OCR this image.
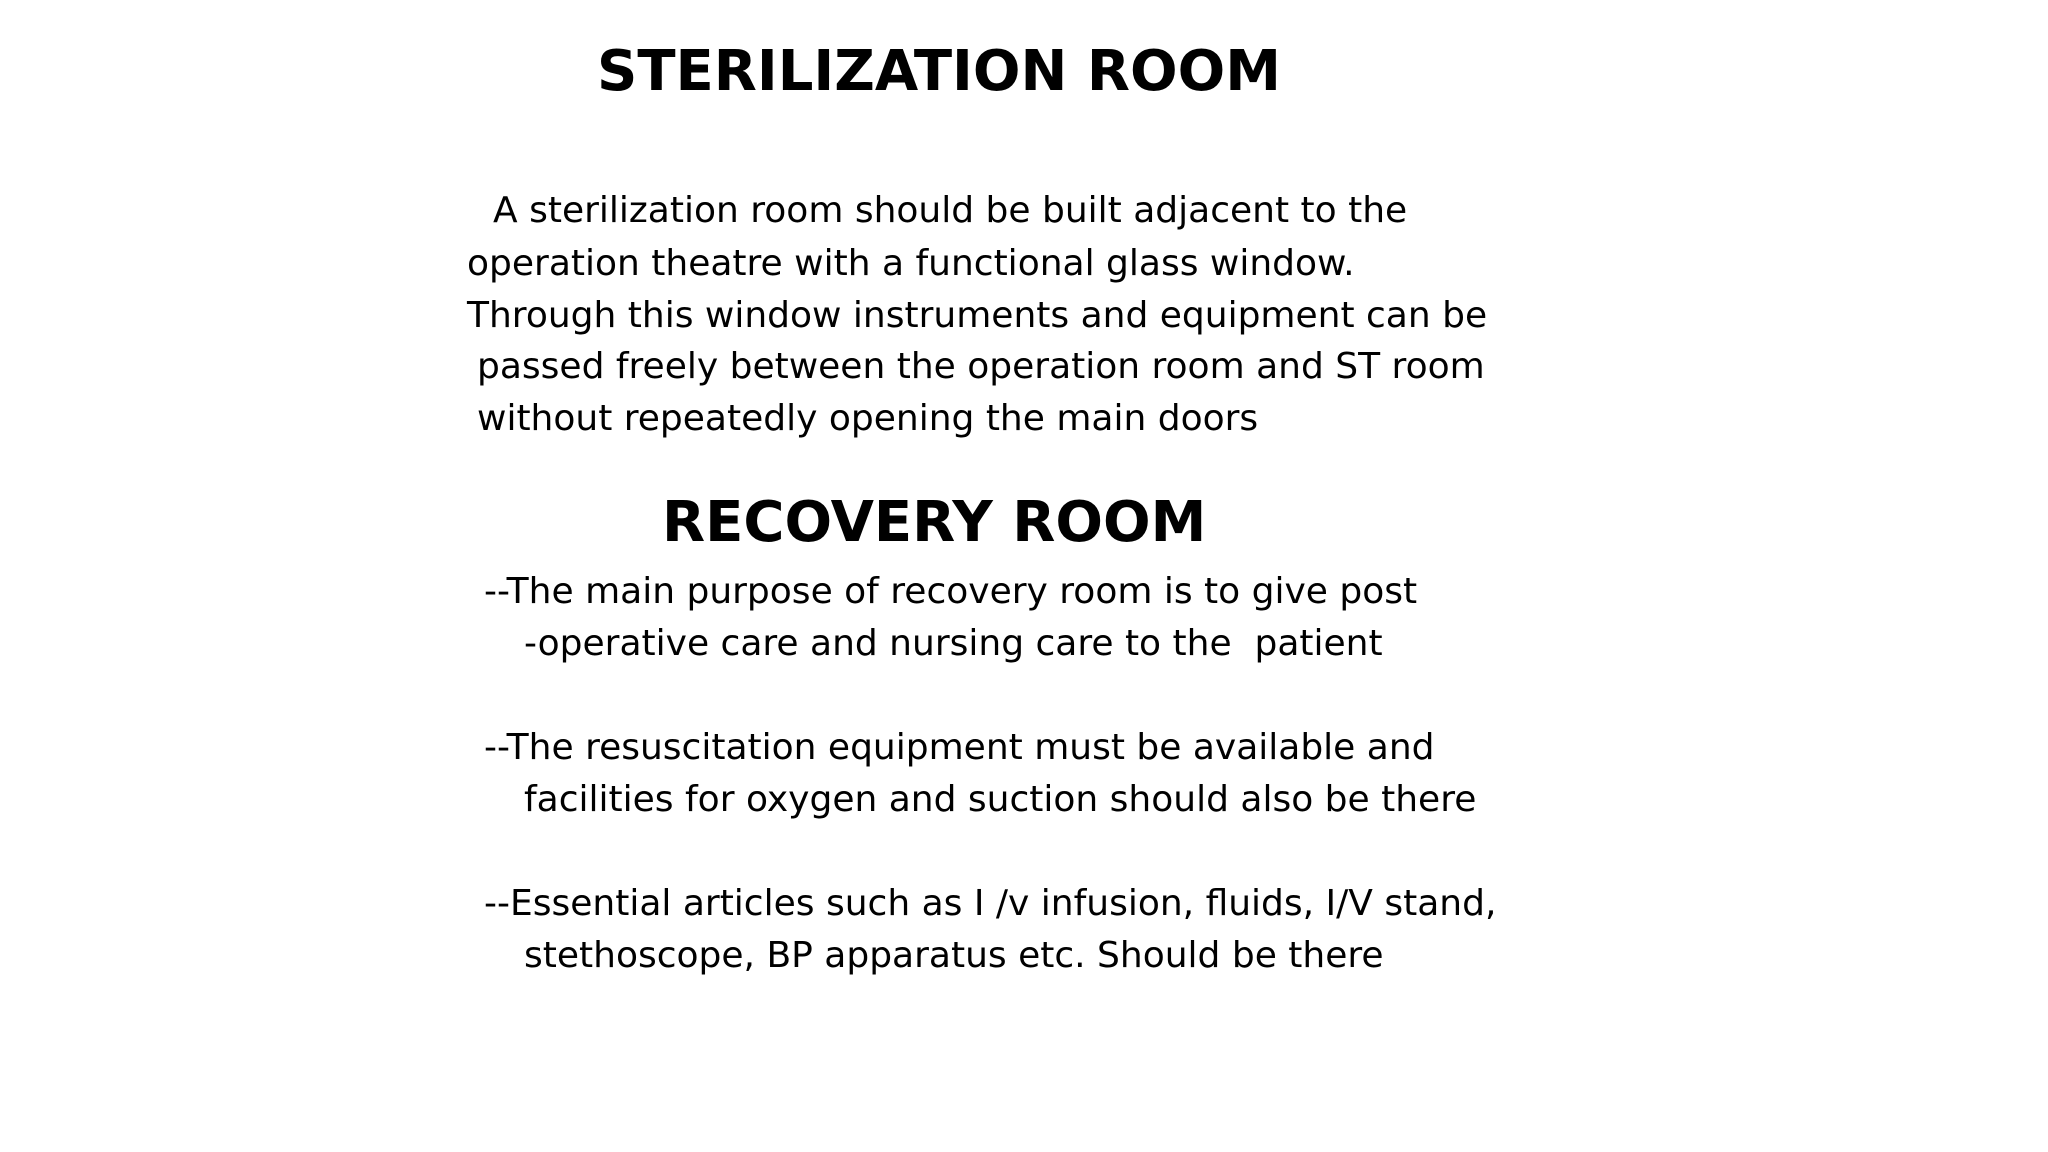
STERILIZATION ROOM
A sterilization room should be built adjacent to the
operation theatre with a functional glass window.
Through this window instruments and equipment can be
passed freely between the operation room and ST room
without repeatedly opening the main doors
RECOVERY ROOM
--The main purpose of recovery room is to give post
-operative care and nursing care to the  patient
--The resuscitation equipment must be available and
facilities for oxygen and suction should also be there
--Essential articles such as I /v infusion, fluids, I/V stand,
stethoscope, BP apparatus etc. Should be there
